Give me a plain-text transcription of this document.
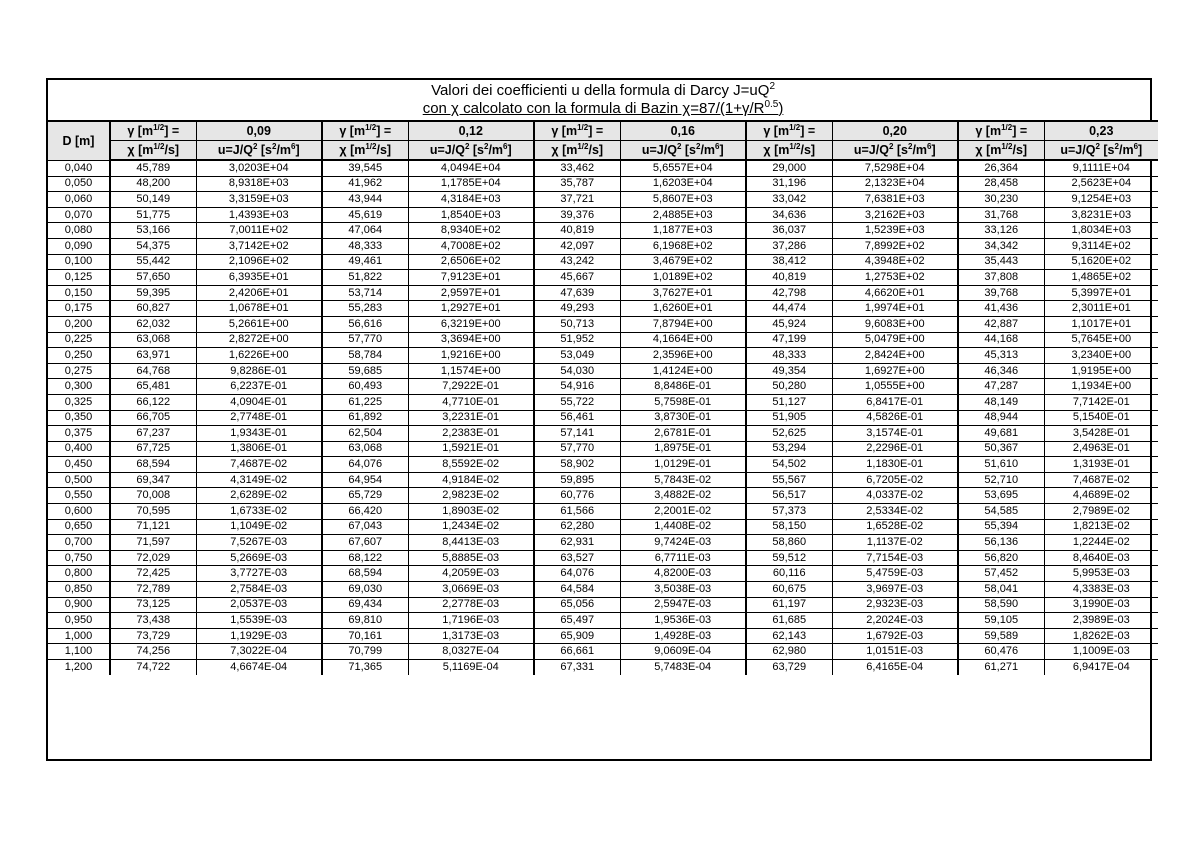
Valori dei coefficienti u della formula di Darcy $J=uQ^2$
con χ calcolato con la formula di Bazin $\chi=87/(1+\gamma/R^{0.5})$										

D [m]	γ $[m^{1/2}]$ =	0,09	γ $[m^{1/2}]$ =	0,12	γ $[m^{1/2}]$ =	0,16	γ $[m^{1/2}]$ =	0,20	γ $[m^{1/2}]$ =	0,23
	χ $[m^{1/2}/s]$	$u=J/Q^2$ $[s^2/m^6]$	χ $[m^{1/2}/s]$	$u=J/Q^2$ $[s^2/m^6]$	χ $[m^{1/2}/s]$	$u=J/Q^2$ $[s^2/m^6]$	χ $[m^{1/2}/s]$	$u=J/Q^2$ $[s^2/m^6]$	χ $[m^{1/2}/s]$	$u=J/Q^2$ $[s^2/m^6]$
0,040	45,789	3,0203E+04	39,545	4,0494E+04	33,462	5,6557E+04	29,000	7,5298E+04	26,364	9,1111E+04
0,050	48,200	8,9318E+03	41,962	1,1785E+04	35,787	1,6203E+04	31,196	2,1323E+04	28,458	2,5623E+04
0,060	50,149	3,3159E+03	43,944	4,3184E+03	37,721	5,8607E+03	33,042	7,6381E+03	30,230	9,1254E+03
0,070	51,775	1,4393E+03	45,619	1,8540E+03	39,376	2,4885E+03	34,636	3,2162E+03	31,768	3,8231E+03
0,080	53,166	7,0011E+02	47,064	8,9340E+02	40,819	1,1877E+03	36,037	1,5239E+03	33,126	1,8034E+03
0,090	54,375	3,7142E+02	48,333	4,7008E+02	42,097	6,1968E+02	37,286	7,8992E+02	34,342	9,3114E+02
0,100	55,442	2,1096E+02	49,461	2,6506E+02	43,242	3,4679E+02	38,412	4,3948E+02	35,443	5,1620E+02
0,125	57,650	6,3935E+01	51,822	7,9123E+01	45,667	1,0189E+02	40,819	1,2753E+02	37,808	1,4865E+02
0,150	59,395	2,4206E+01	53,714	2,9597E+01	47,639	3,7627E+01	42,798	4,6620E+01	39,768	5,3997E+01
0,175	60,827	1,0678E+01	55,283	1,2927E+01	49,293	1,6260E+01	44,474	1,9974E+01	41,436	2,3011E+01
0,200	62,032	5,2661E+00	56,616	6,3219E+00	50,713	7,8794E+00	45,924	9,6083E+00	42,887	1,1017E+01
0,225	63,068	2,8272E+00	57,770	3,3694E+00	51,952	4,1664E+00	47,199	5,0479E+00	44,168	5,7645E+00
0,250	63,971	1,6226E+00	58,784	1,9216E+00	53,049	2,3596E+00	48,333	2,8424E+00	45,313	3,2340E+00
0,275	64,768	9,8286E-01	59,685	1,1574E+00	54,030	1,4124E+00	49,354	1,6927E+00	46,346	1,9195E+00
0,300	65,481	6,2237E-01	60,493	7,2922E-01	54,916	8,8486E-01	50,280	1,0555E+00	47,287	1,1934E+00
0,325	66,122	4,0904E-01	61,225	4,7710E-01	55,722	5,7598E-01	51,127	6,8417E-01	48,149	7,7142E-01
0,350	66,705	2,7748E-01	61,892	3,2231E-01	56,461	3,8730E-01	51,905	4,5826E-01	48,944	5,1540E-01
0,375	67,237	1,9343E-01	62,504	2,2383E-01	57,141	2,6781E-01	52,625	3,1574E-01	49,681	3,5428E-01
0,400	67,725	1,3806E-01	63,068	1,5921E-01	57,770	1,8975E-01	53,294	2,2296E-01	50,367	2,4963E-01
0,450	68,594	7,4687E-02	64,076	8,5592E-02	58,902	1,0129E-01	54,502	1,1830E-01	51,610	1,3193E-01
0,500	69,347	4,3149E-02	64,954	4,9184E-02	59,895	5,7843E-02	55,567	6,7205E-02	52,710	7,4687E-02
0,550	70,008	2,6289E-02	65,729	2,9823E-02	60,776	3,4882E-02	56,517	4,0337E-02	53,695	4,4689E-02
0,600	70,595	1,6733E-02	66,420	1,8903E-02	61,566	2,2001E-02	57,373	2,5334E-02	54,585	2,7989E-02
0,650	71,121	1,1049E-02	67,043	1,2434E-02	62,280	1,4408E-02	58,150	1,6528E-02	55,394	1,8213E-02
0,700	71,597	7,5267E-03	67,607	8,4413E-03	62,931	9,7424E-03	58,860	1,1137E-02	56,136	1,2244E-02
0,750	72,029	5,2669E-03	68,122	5,8885E-03	63,527	6,7711E-03	59,512	7,7154E-03	56,820	8,4640E-03
0,800	72,425	3,7727E-03	68,594	4,2059E-03	64,076	4,8200E-03	60,116	5,4759E-03	57,452	5,9953E-03
0,850	72,789	2,7584E-03	69,030	3,0669E-03	64,584	3,5038E-03	60,675	3,9697E-03	58,041	4,3383E-03
0,900	73,125	2,0537E-03	69,434	2,2778E-03	65,056	2,5947E-03	61,197	2,9323E-03	58,590	3,1990E-03
0,950	73,438	1,5539E-03	69,810	1,7196E-03	65,497	1,9536E-03	61,685	2,2024E-03	59,105	2,3989E-03
1,000	73,729	1,1929E-03	70,161	1,3173E-03	65,909	1,4928E-03	62,143	1,6792E-03	59,589	1,8262E-03
1,100	74,256	7,3022E-04	70,799	8,0327E-04	66,661	9,0609E-04	62,980	1,0151E-03	60,476	1,1009E-03
1,200	74,722	4,6674E-04	71,365	5,1169E-04	67,331	5,7483E-04	63,729	6,4165E-04	61,271	6,9417E-04
